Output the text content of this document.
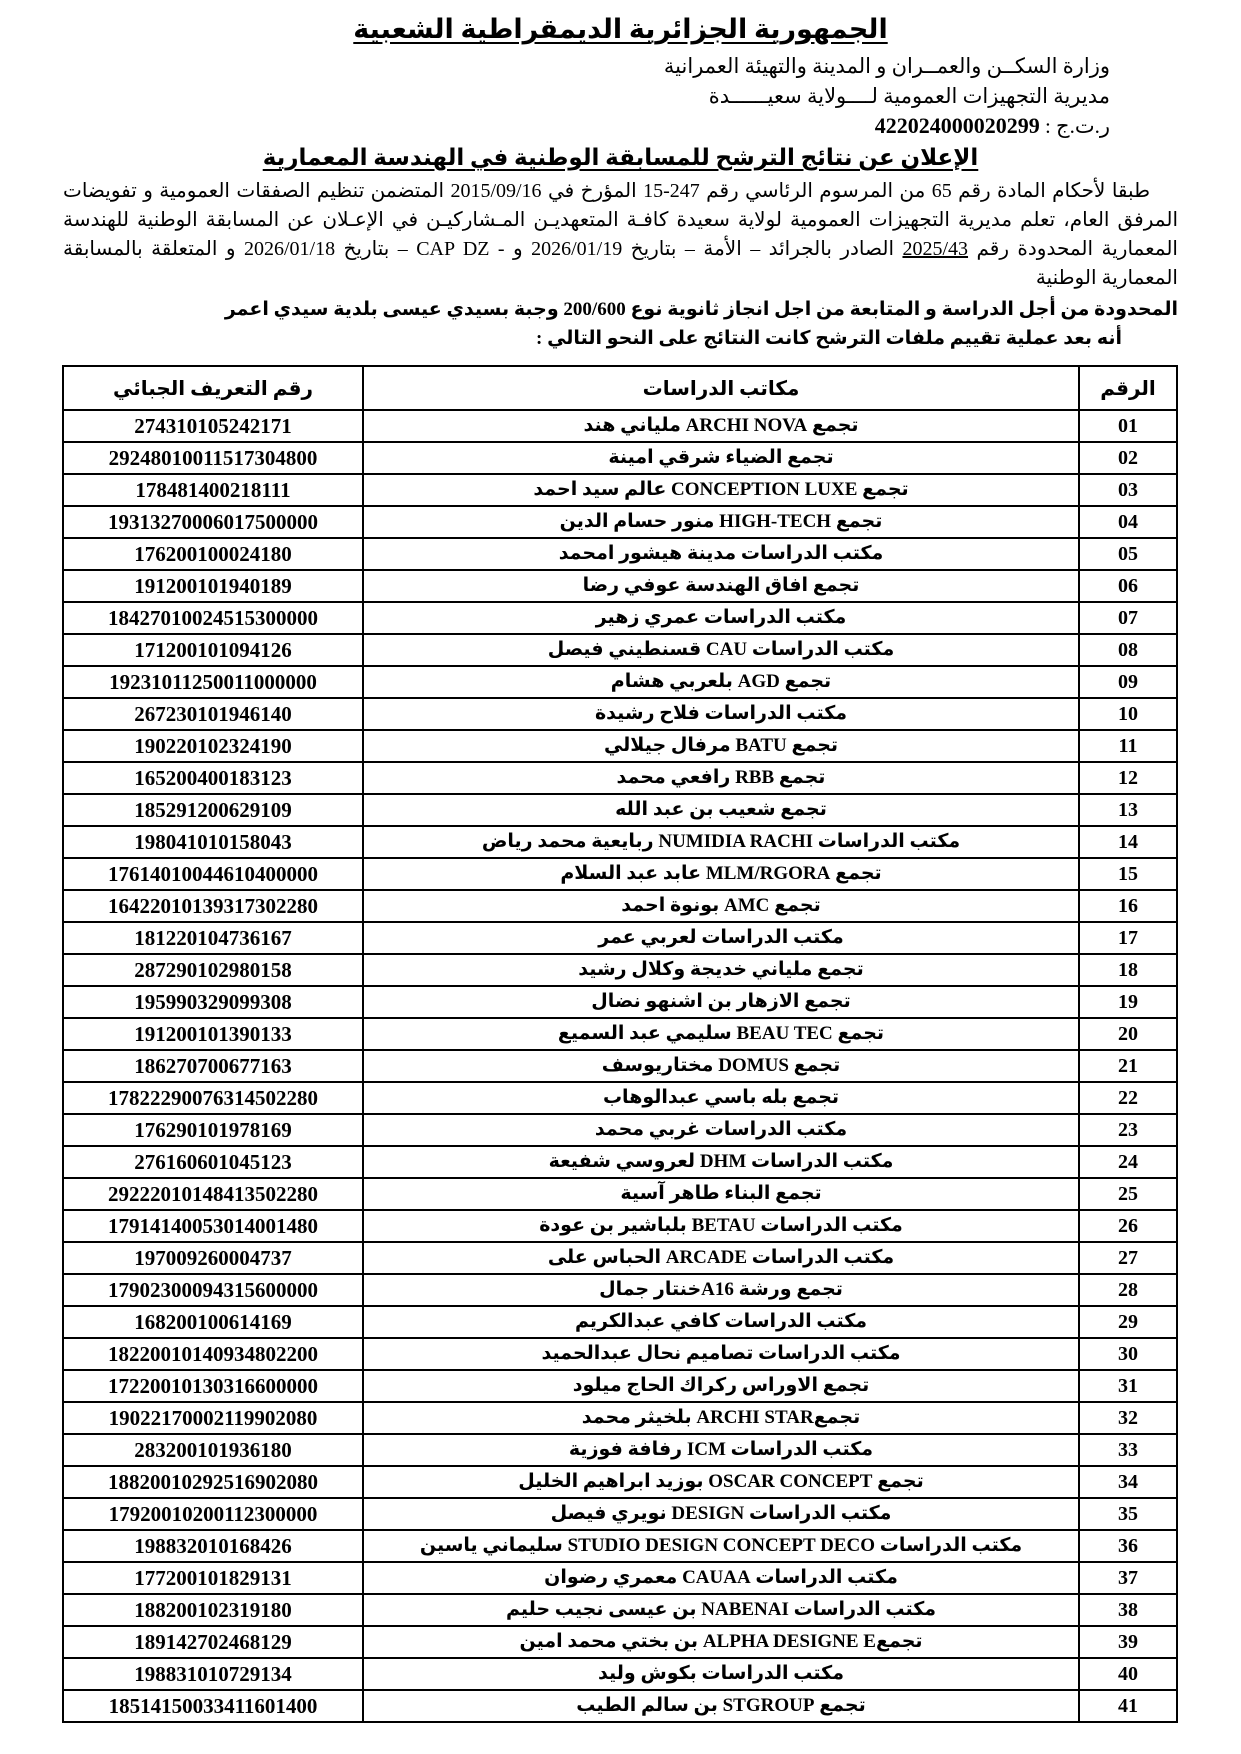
الجمهورية الجزائرية الديمقراطية الشعبية
وزارة السكــن والعمــران و المدينة والتهيئة العمرانية
مديرية التجهيزات العمومية لــــولاية سعيــــــدة
ر.ت.ج : 422024000020299
الإعلان عن نتائج الترشح للمسابقة الوطنية في الهندسة المعمارية

طبقا لأحكام المادة رقم 65 من المرسوم الرئاسي رقم 247-15 المؤرخ في 2015/09/16 المتضمن تنظيم الصفقات العمومية و تفويضات المرفق العام، تعلم مديرية التجهيزات العمومية لولاية سعيدة كافـة المتعهديـن المـشاركيـن في الإعـلان عن المسابقة الوطنية للهندسة المعمارية المحدودة رقم 2025/43 الصادر بالجرائد – الأمة – بتاريخ 2026/01/19 و - CAP DZ – بتاريخ 2026/01/18 و المتعلقة بالمسابقة المعمارية الوطنية

المحدودة من أجل الدراسة و المتابعة من اجل انجاز ثانوية نوع 200/600 وجبة بسيدي عيسى بلدية سيدي اعمر

أنه بعد عملية تقييم ملفات الترشح كانت النتائج على النحو التالي :

الرقم	مكاتب الدراسات	رقم التعريف الجبائي
01	تجمع ARCHI NOVA ملياني هند	274310105242171
02	تجمع الضياء شرقي امينة	29248010011517304800
03	تجمع CONCEPTION LUXE عالم سيد احمد	178481400218111
04	تجمع HIGH-TECH منور حسام الدين	19313270006017500000
05	مكتب الدراسات مدينة هيشور امحمد	176200100024180
06	تجمع افاق الهندسة عوفي رضا	191200101940189
07	مكتب الدراسات عمري زهير	18427010024515300000
08	مكتب الدراسات CAU قسنطيني فيصل	171200101094126
09	تجمع AGD بلعربي هشام	19231011250011000000
10	مكتب الدراسات فلاح رشيدة	267230101946140
11	تجمع BATU مرفال جيلالي	190220102324190
12	تجمع RBB رافعي محمد	165200400183123
13	تجمع شعيب بن عبد الله	185291200629109
14	مكتب الدراسات NUMIDIA RACHI ربايعية محمد رياض	198041010158043
15	تجمع MLM/RGORA عابد عبد السلام	17614010044610400000
16	تجمع AMC بونوة احمد	16422010139317302280
17	مكتب الدراسات لعربي عمر	181220104736167
18	تجمع ملياني خديجة وكلال رشيد	287290102980158
19	تجمع الازهار بن اشنهو نضال	195990329099308
20	تجمع BEAU TEC سليمي عبد السميع	191200101390133
21	تجمع DOMUS مختاريوسف	186270700677163
22	تجمع بله باسي عبدالوهاب	17822290076314502280
23	مكتب الدراسات غربي محمد	176290101978169
24	مكتب الدراسات DHM لعروسي شفيعة	276160601045123
25	تجمع البناء طاهر آسية	29222010148413502280
26	مكتب الدراسات BETAU بلباشير بن عودة	17914140053014001480
27	مكتب الدراسات ARCADE الحباس على	197009260004737
28	تجمع ورشة A16خنتار جمال	17902300094315600000
29	مكتب الدراسات كافي عبدالكريم	168200100614169
30	مكتب الدراسات تصاميم نحال عبدالحميد	18220010140934802200
31	تجمع الاوراس ركراك الحاج ميلود	17220010130316600000
32	تجمعARCHI STAR بلخيثر محمد	19022170002119902080
33	مكتب الدراسات ICM رفافة فوزية	283200101936180
34	تجمع OSCAR CONCEPT بوزيد ابراهيم الخليل	18820010292516902080
35	مكتب الدراسات DESIGN نويري فيصل	17920010200112300000
36	مكتب الدراسات STUDIO DESIGN CONCEPT DECO سليماني ياسين	198832010168426
37	مكتب الدراسات CAUAA معمري رضوان	177200101829131
38	مكتب الدراسات NABENAI بن عيسى نجيب حليم	188200102319180
39	تجمعE‏ ALPHA DESIGNE بن بختي محمد امين	189142702468129
40	مكتب الدراسات بكوش وليد	198831010729134
41	تجمع STGROUP بن سالم الطيب	18514150033411601400
